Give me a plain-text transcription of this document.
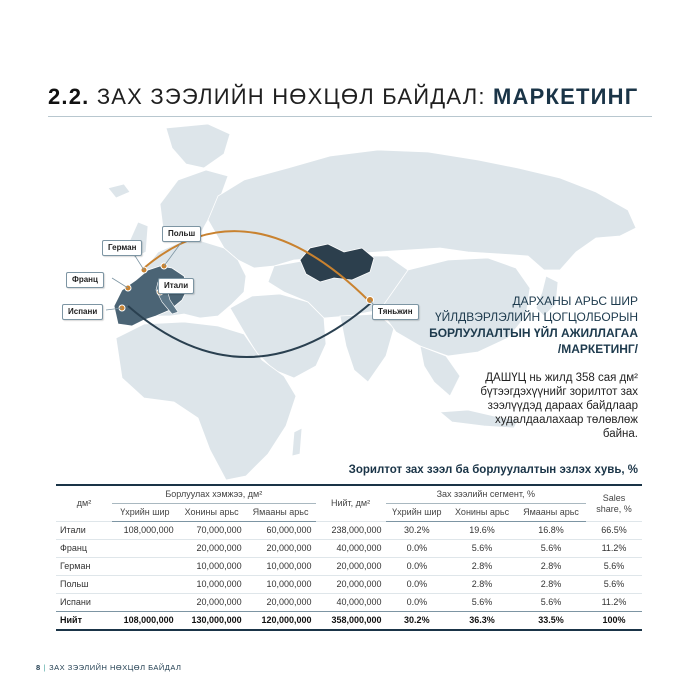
2.2. ЗАХ ЗЭЭЛИЙН НӨХЦӨЛ БАЙДАЛ: МАРКЕТИНГ
Герман
Польш
Франц
Итали
Испани	Тяньжин
ДАРХАНЫ АРЬС ШИР
ҮЙЛДВЭРЛЭЛИЙН ЦОГЦОЛБОРЫН
БОРЛУУЛАЛТЫН ҮЙЛ АЖИЛЛАГАА
/МАРКЕТИНГ/
ДАШҮЦ нь жилд 358 сая дм² бүтээгдэхүүнийг зорилтот зах зээлүүдэд дараах байдлаар худалдаалахаар төлөвлөж байна.
Зорилтот зах зээл ба борлуулалтын эзлэх хувь, %
дм²	Борлуулах хэмжээ, дм²			Нийт, дм²	Зах зээлийн сегмент, %			Sales share, %
	Үхрийн шир	Хонины арьс	Ямааны арьс		Үхрийн шир	Хонины арьс	Ямааны арьс	
Итали	108,000,000	70,000,000	60,000,000	238,000,000	30.2%	19.6%	16.8%	66.5%
Франц		20,000,000	20,000,000	40,000,000	0.0%	5.6%	5.6%	11.2%
Герман		10,000,000	10,000,000	20,000,000	0.0%	2.8%	2.8%	5.6%
Польш		10,000,000	10,000,000	20,000,000	0.0%	2.8%	2.8%	5.6%
Испани		20,000,000	20,000,000	40,000,000	0.0%	5.6%	5.6%	11.2%
Нийт	108,000,000	130,000,000	120,000,000	358,000,000	30.2%	36.3%	33.5%	100%
8 | ЗАХ ЗЭЭЛИЙН НӨХЦӨЛ БАЙДАЛ
